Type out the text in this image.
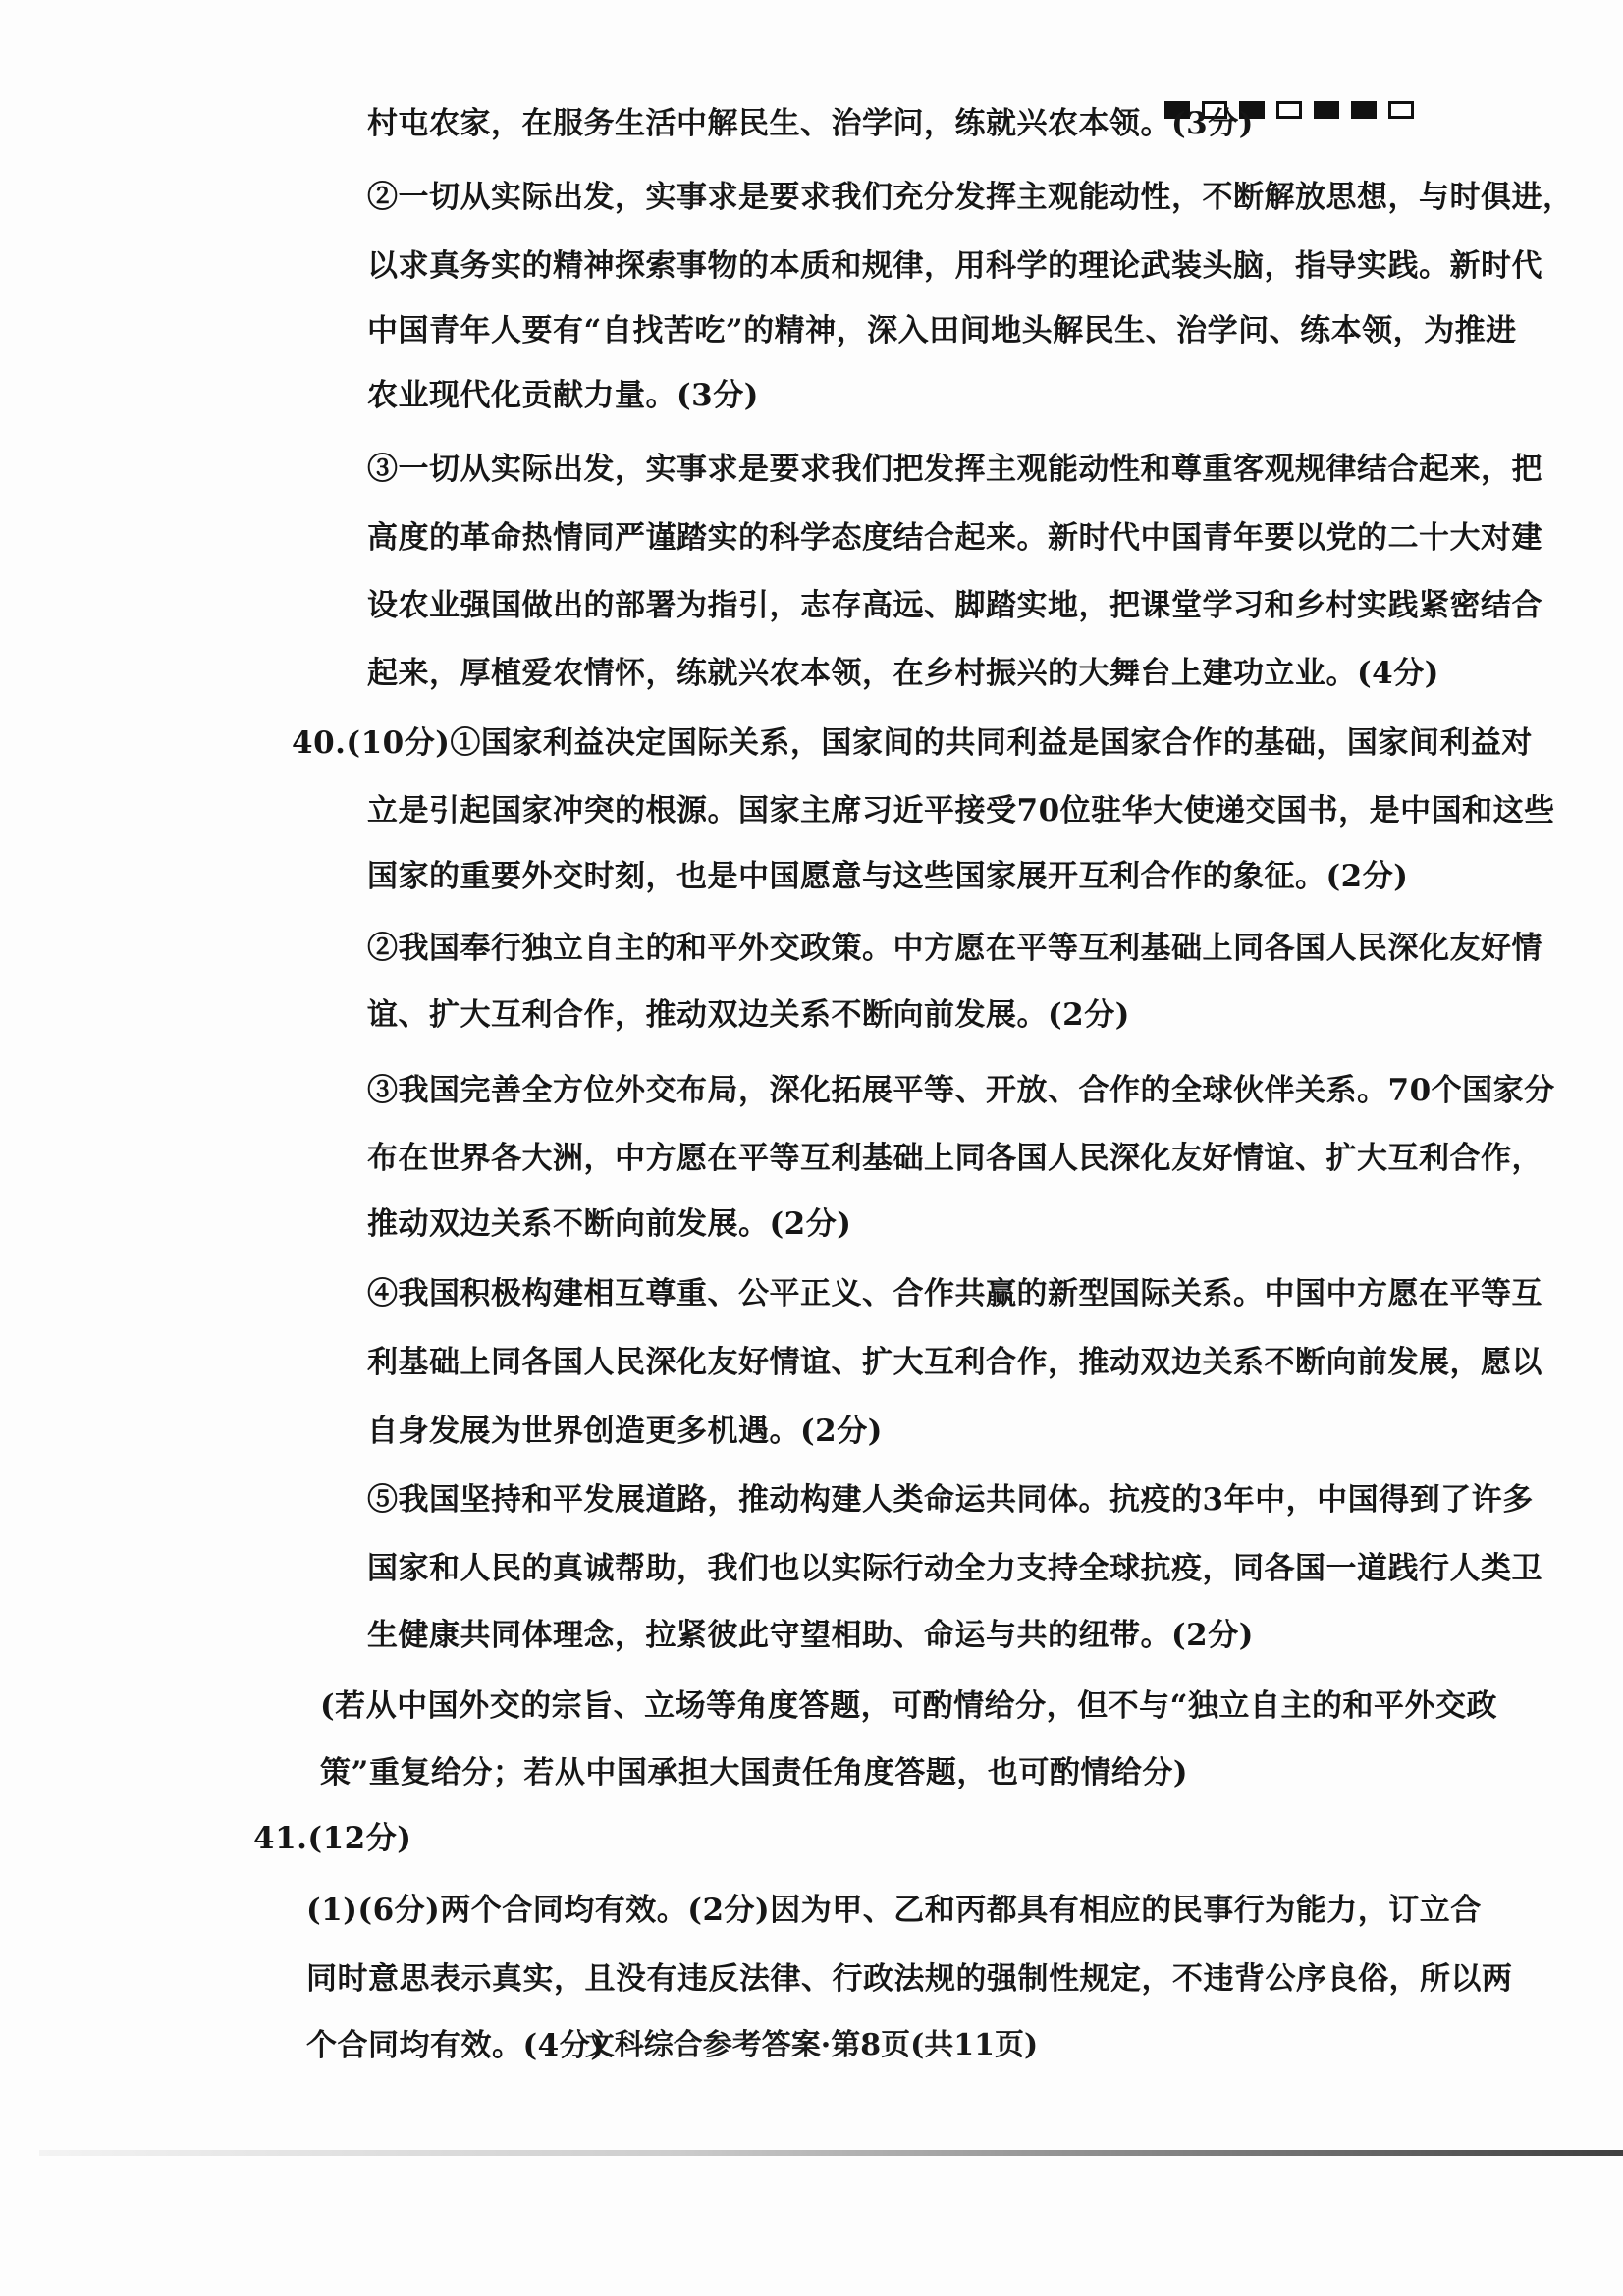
村屯农家，在服务生活中解民生、治学问，练就兴农本领。(3分)
②一切从实际出发，实事求是要求我们充分发挥主观能动性，不断解放思想，与时俱进，
以求真务实的精神探索事物的本质和规律，用科学的理论武装头脑，指导实践。新时代
中国青年人要有“自找苦吃”的精神，深入田间地头解民生、治学问、练本领，为推进
农业现代化贡献力量。(3分)
③一切从实际出发，实事求是要求我们把发挥主观能动性和尊重客观规律结合起来，把
高度的革命热情同严谨踏实的科学态度结合起来。新时代中国青年要以党的二十大对建
设农业强国做出的部署为指引，志存高远、脚踏实地，把课堂学习和乡村实践紧密结合
起来，厚植爱农情怀，练就兴农本领，在乡村振兴的大舞台上建功立业。(4分)
40.(10分)①国家利益决定国际关系，国家间的共同利益是国家合作的基础，国家间利益对
立是引起国家冲突的根源。国家主席习近平接受70位驻华大使递交国书，是中国和这些
国家的重要外交时刻，也是中国愿意与这些国家展开互利合作的象征。(2分)
②我国奉行独立自主的和平外交政策。中方愿在平等互利基础上同各国人民深化友好情
谊、扩大互利合作，推动双边关系不断向前发展。(2分)
③我国完善全方位外交布局，深化拓展平等、开放、合作的全球伙伴关系。70个国家分
布在世界各大洲，中方愿在平等互利基础上同各国人民深化友好情谊、扩大互利合作，
推动双边关系不断向前发展。(2分)
④我国积极构建相互尊重、公平正义、合作共赢的新型国际关系。中国中方愿在平等互
利基础上同各国人民深化友好情谊、扩大互利合作，推动双边关系不断向前发展，愿以
自身发展为世界创造更多机遇。(2分)
⑤我国坚持和平发展道路，推动构建人类命运共同体。抗疫的3年中，中国得到了许多
国家和人民的真诚帮助，我们也以实际行动全力支持全球抗疫，同各国一道践行人类卫
生健康共同体理念，拉紧彼此守望相助、命运与共的纽带。(2分)
(若从中国外交的宗旨、立场等角度答题，可酌情给分，但不与“独立自主的和平外交政
策”重复给分；若从中国承担大国责任角度答题，也可酌情给分)
41.(12分)
(1)(6分)两个合同均有效。(2分)因为甲、乙和丙都具有相应的民事行为能力，订立合
同时意思表示真实，且没有违反法律、行政法规的强制性规定，不违背公序良俗，所以两
个合同均有效。(4分)
文科综合参考答案·第8页(共11页)
